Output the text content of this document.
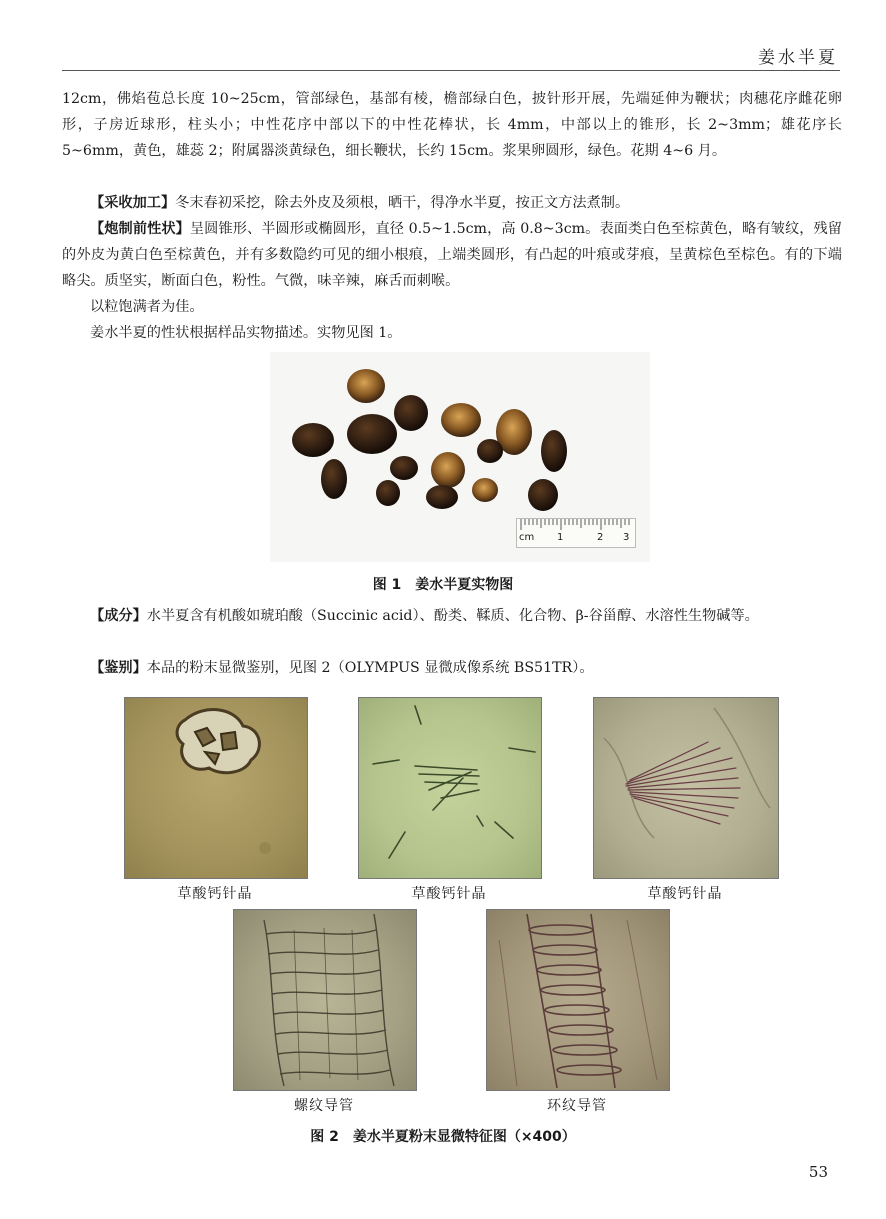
姜水半夏

12cm，佛焰苞总长度 10~25cm，管部绿色，基部有棱，檐部绿白色，披针形开展，先端延伸为鞭状；肉穗花序雌花卵形，子房近球形，柱头小；中性花序中部以下的中性花棒状，长 4mm，中部以上的锥形，长 2~3mm；雄花序长 5~6mm，黄色，雄蕊 2；附属器淡黄绿色，细长鞭状，长约 15cm。浆果卵圆形，绿色。花期 4~6 月。

【采收加工】冬末春初采挖，除去外皮及须根，晒干，得净水半夏，按正文方法煮制。

【炮制前性状】呈圆锥形、半圆形或椭圆形，直径 0.5~1.5cm，高 0.8~3cm。表面类白色至棕黄色，略有皱纹，残留的外皮为黄白色至棕黄色，并有多数隐约可见的细小根痕，上端类圆形，有凸起的叶痕或芽痕，呈黄棕色至棕色。有的下端略尖。质坚实，断面白色，粉性。气微，味辛辣，麻舌而刺喉。

以粒饱满者为佳。

姜水半夏的性状根据样品实物描述。实物见图 1。

cm 1	2 3
图 1　姜水半夏实物图

【成分】水半夏含有机酸如琥珀酸（Succinic acid）、酚类、鞣质、化合物、β-谷甾醇、水溶性生物碱等。

【鉴别】本品的粉末显微鉴别，见图 2（OLYMPUS 显微成像系统 BS51TR）。

草酸钙针晶	草酸钙针晶	草酸钙针晶
螺纹导管	环纹导管
图 2　姜水半夏粉末显微特征图（×400）
53
